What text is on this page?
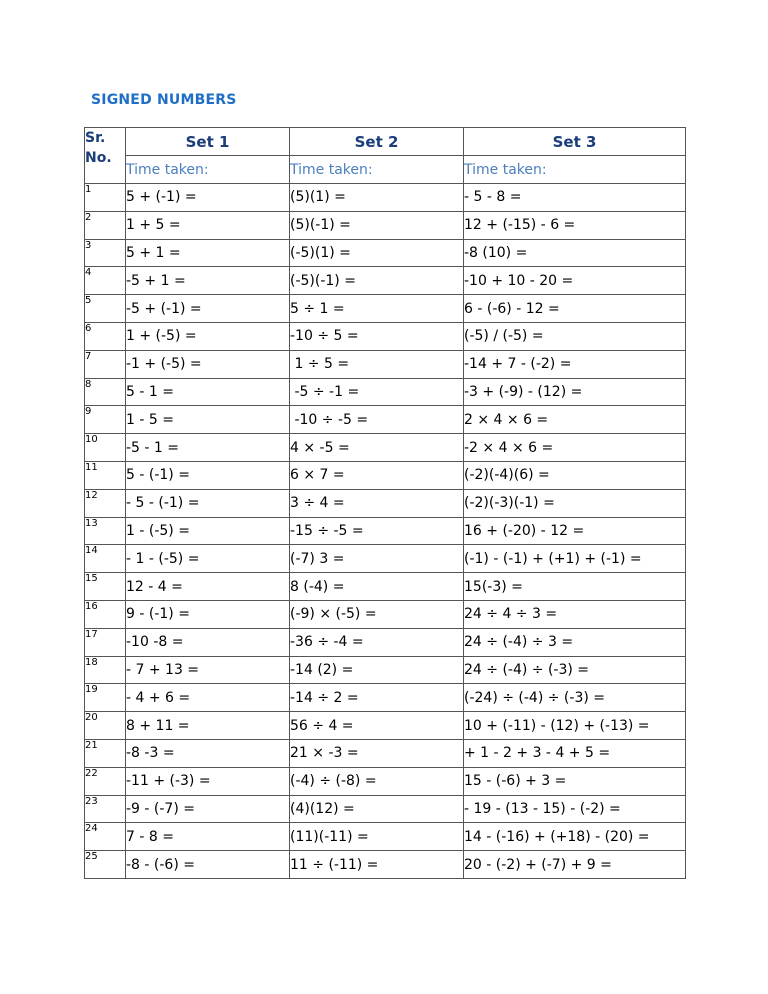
SIGNED NUMBERS
Sr.
No.	Set 1	Set 2	Set 3
	Time taken:	Time taken:	Time taken:
1	5 + (-1) =	(5)(1) =	- 5 - 8 =
2	1 + 5 =	(5)(-1) =	12 + (-15) - 6 =
3	5 + 1 =	(-5)(1) =	-8 (10) =
4	-5 + 1 =	(-5)(-1) =	-10 + 10 - 20 =
5	-5 + (-1) =	5 ÷ 1 =	6 - (-6) - 12 =
6	1 + (-5) =	-10 ÷ 5 =	(-5) / (-5) =
7	-1 + (-5) =	1 ÷ 5 =	-14 + 7 - (-2) =
8	5 - 1 =	-5 ÷ -1 =	-3 + (-9) - (12) =
9	1 - 5 =	-10 ÷ -5 =	2 × 4 × 6 =
10	-5 - 1 =	4 × -5 =	-2 × 4 × 6 =
11	5 - (-1) =	6 × 7 =	(-2)(-4)(6) =
12	- 5 - (-1) =	3 ÷ 4 =	(-2)(-3)(-1) =
13	1 - (-5) =	-15 ÷ -5 =	16 + (-20) - 12 =
14	- 1 - (-5) =	(-7) 3 =	(-1) - (-1) + (+1) + (-1) =
15	12 - 4 =	8 (-4) =	15(-3) =
16	9 - (-1) =	(-9) × (-5) =	24 ÷ 4 ÷ 3 =
17	-10 -8 =	-36 ÷ -4 =	24 ÷ (-4) ÷ 3 =
18	- 7 + 13 =	-14 (2) =	24 ÷ (-4) ÷ (-3) =
19	- 4 + 6 =	-14 ÷ 2 =	(-24) ÷ (-4) ÷ (-3) =
20	8 + 11 =	56 ÷ 4 =	10 + (-11) - (12) + (-13) =
21	-8 -3 =	21 × -3 =	+ 1 - 2 + 3 - 4 + 5 =
22	-11 + (-3) =	(-4) ÷ (-8) =	15 - (-6) + 3 =
23	-9 - (-7) =	(4)(12) =	- 19 - (13 - 15) - (-2) =
24	7 - 8 =	(11)(-11) =	14 - (-16) + (+18) - (20) =
25	-8 - (-6) =	11 ÷ (-11) =	20 - (-2) + (-7) + 9 =
